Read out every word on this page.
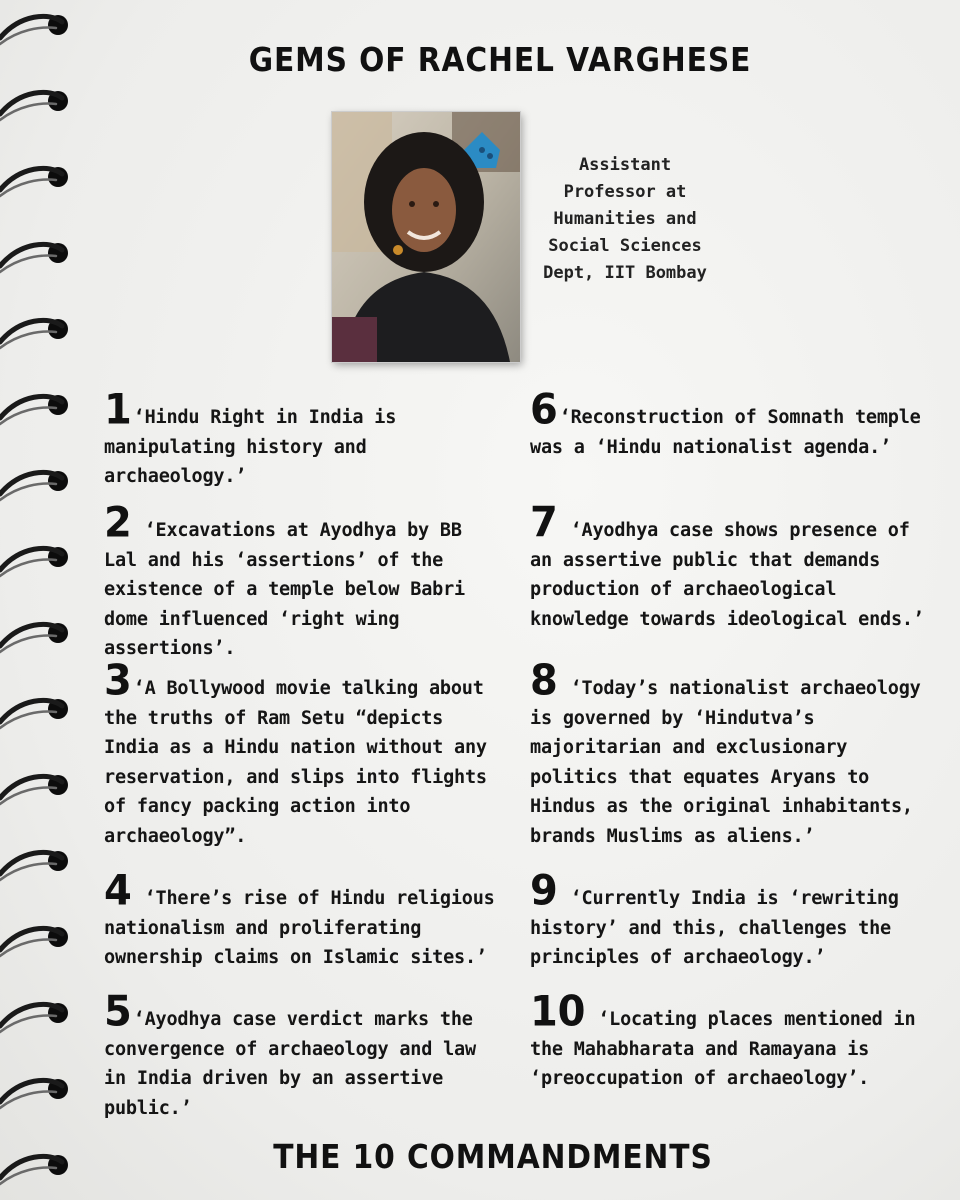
GEMS OF RACHEL VARGHESE
Assistant Professor at Humanities and Social Sciences Dept, IIT Bombay
1 ‘Hindu Right in India is manipulating history and archaeology.’
2 ‘Excavations at Ayodhya by BB Lal and his ‘assertions’ of the existence of a temple below Babri dome influenced ‘right wing assertions’.
3 ‘A Bollywood movie talking about the truths of Ram Setu “depicts India as a Hindu nation without any reservation, and slips into flights of fancy packing action into archaeology”.
4 ‘There’s rise of Hindu religious nationalism and proliferating ownership claims on Islamic sites.’
5 ‘Ayodhya case verdict marks the convergence of archaeology and law in India driven by an assertive public.’
6 ‘Reconstruction of Somnath temple was a ‘Hindu nationalist agenda.’
7 ‘Ayodhya case shows presence of an assertive public that demands production of archaeological knowledge towards ideological ends.’
8 ‘Today’s nationalist archaeology is governed by ‘Hindutva’s majoritarian and exclusionary politics that equates Aryans to Hindus as the original inhabitants, brands Muslims as aliens.’
9 ‘Currently India is ‘rewriting history’ and this, challenges the principles of archaeology.’
10 ‘Locating places mentioned in the Mahabharata and Ramayana is ‘preoccupation of archaeology’.
THE 10 COMMANDMENTS
